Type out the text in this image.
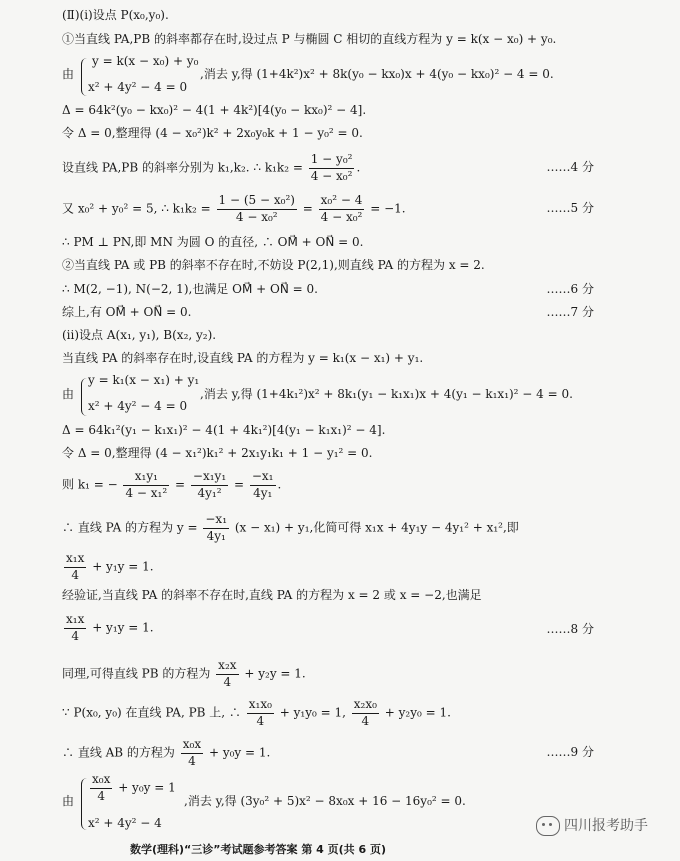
(Ⅱ)(i)设点 P(x₀,y₀).
①当直线 PA,PB 的斜率都存在时,设过点 P 与椭圆 C 相切的直线方程为 y = k(x − x₀) + y₀.
由
y = k(x − x₀) + y₀
x² + 4y² − 4 = 0
,消去 y,得 (1+4k²)x² + 8k(y₀ − kx₀)x + 4(y₀ − kx₀)² − 4 = 0.
Δ = 64k²(y₀ − kx₀)² − 4(1 + 4k²)[4(y₀ − kx₀)² − 4].
令 Δ = 0,整理得 (4 − x₀²)k² + 2x₀y₀k + 1 − y₀² = 0.
设直线 PA,PB 的斜率分别为 k₁,k₂. ∴ $k_1k_2 = \frac{\text{1 − y₀²}}{\text{4 − x₀²}}$ .	……4 分
又 x₀² + y₀² = 5, ∴ $k_1k_2 = \frac{\text{1 − (5 − x₀²)}}{\text{4 − x₀²}} = \frac{\text{x₀² − 4}}{\text{4 − x₀²}} = -1$.	……5 分
∴ PM ⊥ PN,即 MN 为圆 O 的直径, ∴ OM⃗ + ON⃗ = 0.
②当直线 PA 或 PB 的斜率不存在时,不妨设 P(2,1),则直线 PA 的方程为 x = 2.
∴ M(2, −1), N(−2, 1),也满足 OM⃗ + ON⃗ = 0.	……6 分
综上,有 OM⃗ + ON⃗ = 0.	……7 分
(ii)设点 A(x₁, y₁), B(x₂, y₂).
当直线 PA 的斜率存在时,设直线 PA 的方程为 y = k₁(x − x₁) + y₁.
由
y = k₁(x − x₁) + y₁
x² + 4y² − 4 = 0
,消去 y,得 (1+4k₁²)x² + 8k₁(y₁ − k₁x₁)x + 4(y₁ − k₁x₁)² − 4 = 0.
Δ = 64k₁²(y₁ − k₁x₁)² − 4(1 + 4k₁²)[4(y₁ − k₁x₁)² − 4].
令 Δ = 0,整理得 (4 − x₁²)k₁² + 2x₁y₁k₁ + 1 − y₁² = 0.
则 k₁ = − $\frac{\text{x₁y₁}}{\text{4 − x₁²}} = \frac{\text{−x₁y₁}}{\text{4y₁²}} = \frac{\text{−x₁}}{\text{4y₁}}$ .
∴ 直线 PA 的方程为 $y = \frac{\text{−x₁}}{\text{4y₁}} (x - x_1) + y_1$,化简可得 x₁x + 4y₁y − 4y₁² + x₁²,即
$\frac{\text{x₁x}}{4} + y_1y = 1$.
经验证,当直线 PA 的斜率不存在时,直线 PA 的方程为 x = 2 或 x = −2,也满足
$\frac{\text{x₁x}}{4} + y_1y = 1$.	……8 分
同理,可得直线 PB 的方程为 $\frac{\text{x₂x}}{4} + y_2y = 1$.
∵ P(x₀, y₀) 在直线 PA, PB 上, ∴ $\frac{\text{x₁x₀}}{4} + y_1y_0 = 1$, $\frac{\text{x₂x₀}}{4} + y_2y_0 = 1$.
∴ 直线 AB 的方程为 $\frac{\text{x₀x}}{4} + y_0y = 1$.	……9 分
由	$\frac{\text{x₀x}}{4} + y_0y = 1$
x² + 4y² − 4
,消去 y,得 (3y₀² + 5)x² − 8x₀x + 16 − 16y₀² = 0.
四川报考助手
数学(理科)“三诊”考试题参考答案 第 4 页(共 6 页)
